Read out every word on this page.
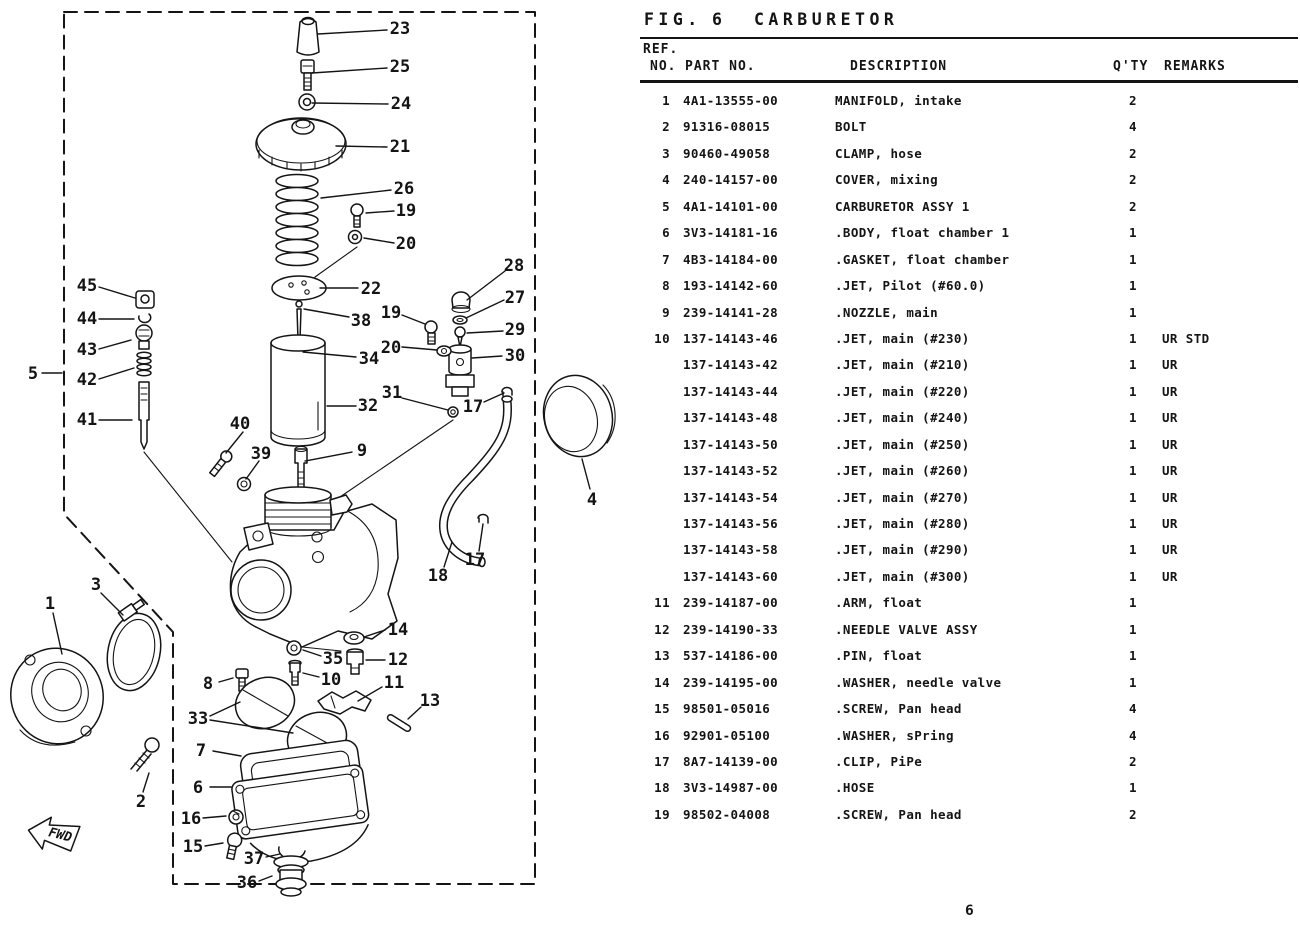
FWD
23
25
24
21
26
19
20
22
38
34
19
20
28
27
29
30
31
32	17
9
40
39
45
44
43
42
41
5
1
3
2
8
33
7
6
16
15
37
36
14
35	12
10	11
13
18
17
4
FIG. 6 CARBURETOR
REF.
NO. PART NO.	DESCRIPTION	Q'TY REMARKS
1 4A1-13555-00	MANIFOLD, intake	2
2 91316-08015	BOLT	4
3 90460-49058	CLAMP, hose	2
4 240-14157-00	COVER, mixing	2
5 4A1-14101-00	CARBURETOR ASSY 1	2
6 3V3-14181-16	.BODY, float chamber 1	1
7 4B3-14184-00	.GASKET, float chamber	1
8 193-14142-60	.JET, Pilot (#60.0)	1
9 239-14141-28	.NOZZLE, main	1
10 137-14143-46	.JET, main (#230)	1 UR STD
137-14143-42	.JET, main (#210)	1 UR
137-14143-44	.JET, main (#220)	1 UR
137-14143-48	.JET, main (#240)	1 UR
137-14143-50	.JET, main (#250)	1 UR
137-14143-52	.JET, main (#260)	1 UR
137-14143-54	.JET, main (#270)	1 UR
137-14143-56	.JET, main (#280)	1 UR
137-14143-58	.JET, main (#290)	1 UR
137-14143-60	.JET, main (#300)	1 UR
11 239-14187-00	.ARM, float	1
12 239-14190-33	.NEEDLE VALVE ASSY	1
13 537-14186-00	.PIN, float	1
14 239-14195-00	.WASHER, needle valve	1
15 98501-05016	.SCREW, Pan head	4
16 92901-05100	.WASHER, sPring	4
17 8A7-14139-00	.CLIP, PiPe	2
18 3V3-14987-00	.HOSE	1
19 98502-04008	.SCREW, Pan head	2
6
